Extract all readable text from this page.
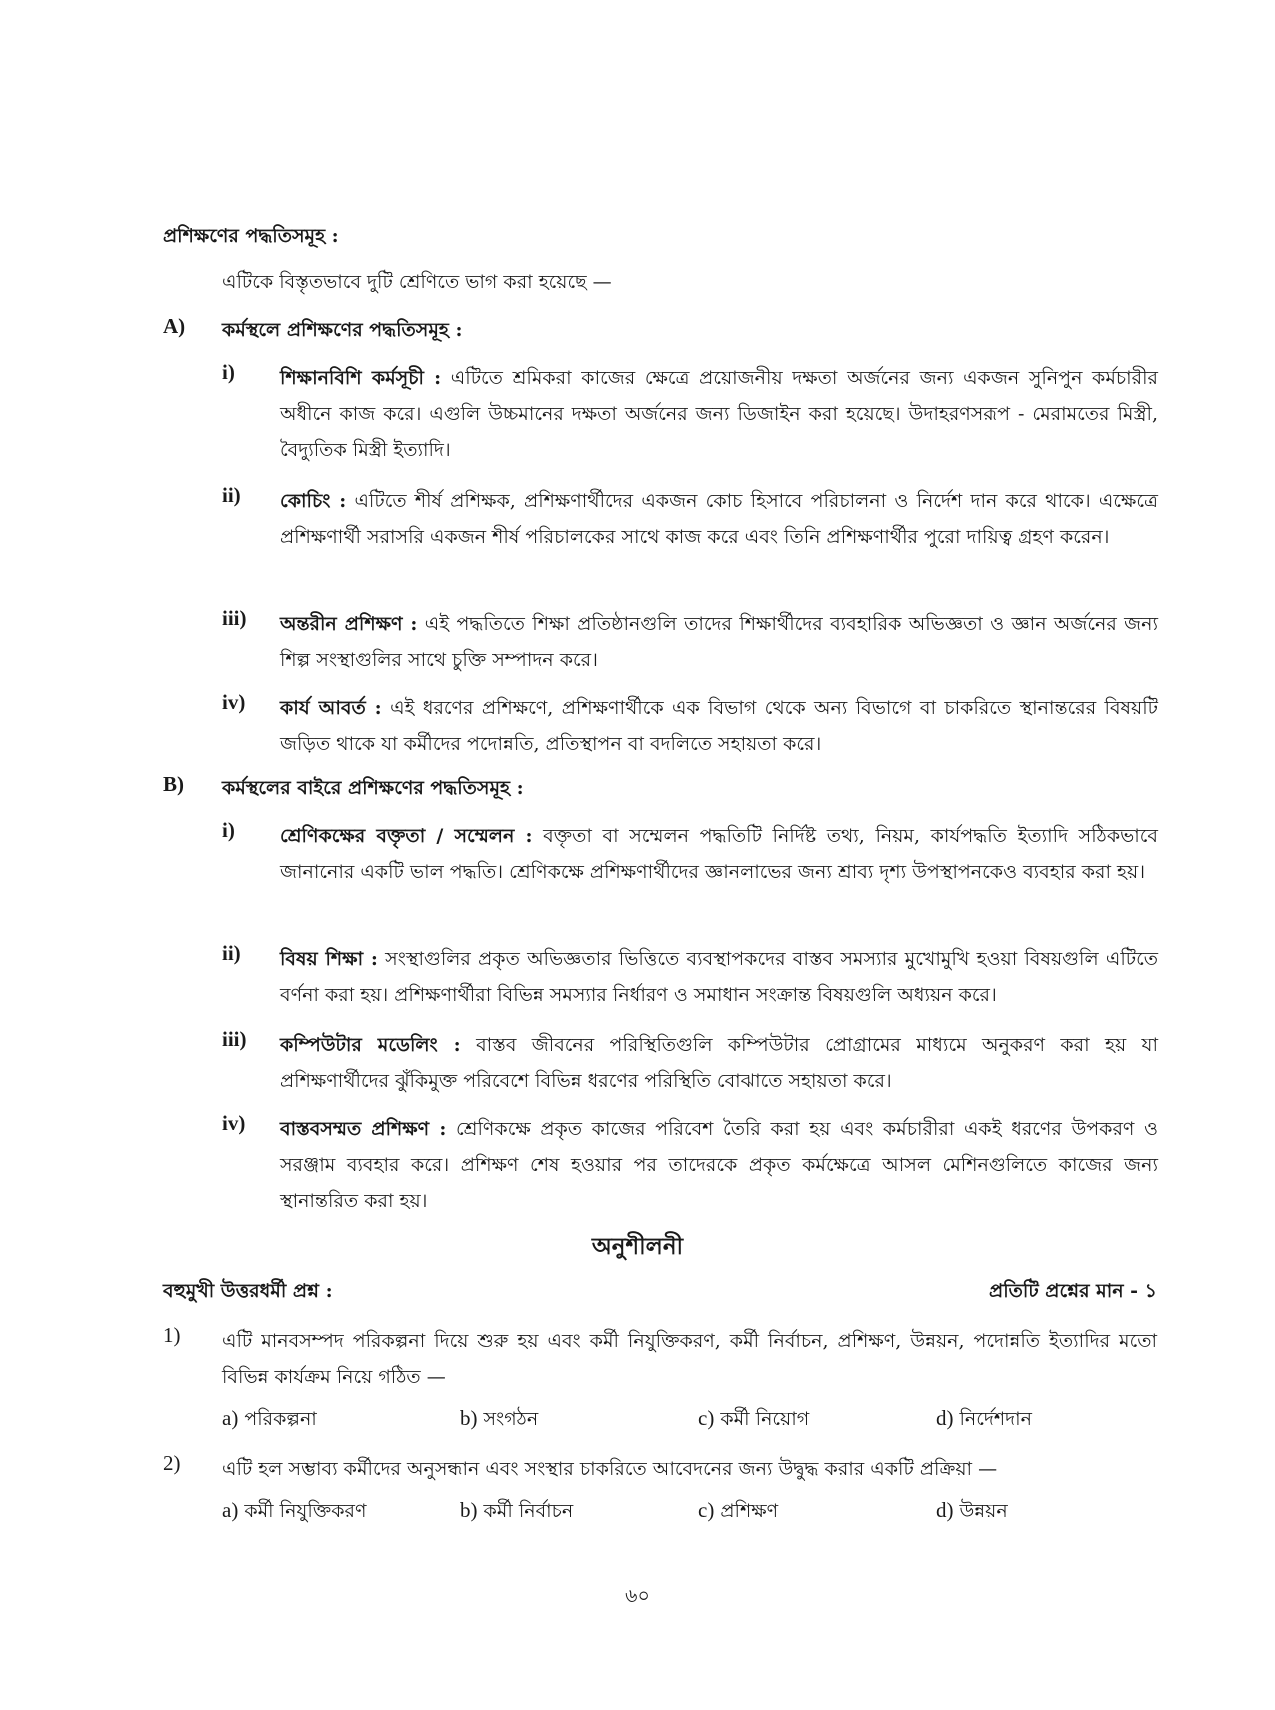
প্রশিক্ষণের পদ্ধতিসমূহ :
এটিকে বিস্তৃতভাবে দুটি শ্রেণিতে ভাগ করা হয়েছে —
A) কর্মস্থলে প্রশিক্ষণের পদ্ধতিসমূহ :
i) শিক্ষানবিশি কর্মসূচী : এটিতে শ্রমিকরা কাজের ক্ষেত্রে প্রয়োজনীয় দক্ষতা অর্জনের জন্য একজন সুনিপুন কর্মচারীর অধীনে কাজ করে। এগুলি উচ্চমানের দক্ষতা অর্জনের জন্য ডিজাইন করা হয়েছে। উদাহরণসরূপ - মেরামতের মিস্ত্রী, বৈদ্যুতিক মিস্ত্রী ইত্যাদি।
ii) কোচিং : এটিতে শীর্ষ প্রশিক্ষক, প্রশিক্ষণার্থীদের একজন কোচ হিসাবে পরিচালনা ও নির্দেশ দান করে থাকে। এক্ষেত্রে প্রশিক্ষণার্থী সরাসরি একজন শীর্ষ পরিচালকের সাথে কাজ করে এবং তিনি প্রশিক্ষণার্থীর পুরো দায়িত্ব গ্রহণ করেন।
iii) অন্তরীন প্রশিক্ষণ : এই পদ্ধতিতে শিক্ষা প্রতিষ্ঠানগুলি তাদের শিক্ষার্থীদের ব্যবহারিক অভিজ্ঞতা ও জ্ঞান অর্জনের জন্য শিল্প সংস্থাগুলির সাথে চুক্তি সম্পাদন করে।
iv) কার্য আবর্ত : এই ধরণের প্রশিক্ষণে, প্রশিক্ষণার্থীকে এক বিভাগ থেকে অন্য বিভাগে বা চাকরিতে স্থানান্তরের বিষয়টি জড়িত থাকে যা কর্মীদের পদোন্নতি, প্রতিস্থাপন বা বদলিতে সহায়তা করে।
B) কর্মস্থলের বাইরে প্রশিক্ষণের পদ্ধতিসমূহ :
i) শ্রেণিকক্ষের বক্তৃতা / সম্মেলন : বক্তৃতা বা সম্মেলন পদ্ধতিটি নির্দিষ্ট তথ্য, নিয়ম, কার্যপদ্ধতি ইত্যাদি সঠিকভাবে জানানোর একটি ভাল পদ্ধতি। শ্রেণিকক্ষে প্রশিক্ষণার্থীদের জ্ঞানলাভের জন্য শ্রাব্য দৃশ্য উপস্থাপনকেও ব্যবহার করা হয়।
ii) বিষয় শিক্ষা : সংস্থাগুলির প্রকৃত অভিজ্ঞতার ভিত্তিতে ব্যবস্থাপকদের বাস্তব সমস্যার মুখোমুখি হওয়া বিষয়গুলি এটিতে বর্ণনা করা হয়। প্রশিক্ষণার্থীরা বিভিন্ন সমস্যার নির্ধারণ ও সমাধান সংক্রান্ত বিষয়গুলি অধ্যয়ন করে।
iii) কম্পিউটার মডেলিং : বাস্তব জীবনের পরিস্থিতিগুলি কম্পিউটার প্রোগ্রামের মাধ্যমে অনুকরণ করা হয় যা প্রশিক্ষণার্থীদের ঝুঁকিমুক্ত পরিবেশে বিভিন্ন ধরণের পরিস্থিতি বোঝাতে সহায়তা করে।
iv) বাস্তবসম্মত প্রশিক্ষণ : শ্রেণিকক্ষে প্রকৃত কাজের পরিবেশ তৈরি করা হয় এবং কর্মচারীরা একই ধরণের উপকরণ ও সরঞ্জাম ব্যবহার করে। প্রশিক্ষণ শেষ হওয়ার পর তাদেরকে প্রকৃত কর্মক্ষেত্রে আসল মেশিনগুলিতে কাজের জন্য স্থানান্তরিত করা হয়।
অনুশীলনী
বহুমুখী উত্তরধর্মী প্রশ্ন :	প্রতিটি প্রশ্নের মান - ১
1) এটি মানবসম্পদ পরিকল্পনা দিয়ে শুরু হয় এবং কর্মী নিযুক্তিকরণ, কর্মী নির্বাচন, প্রশিক্ষণ, উন্নয়ন, পদোন্নতি ইত্যাদির মতো বিভিন্ন কার্যক্রম নিয়ে গঠিত —
a) পরিকল্পনা	b) সংগঠন	c) কর্মী নিয়োগ	d) নির্দেশদান
2) এটি হল সম্ভাব্য কর্মীদের অনুসন্ধান এবং সংস্থার চাকরিতে আবেদনের জন্য উদ্বুদ্ধ করার একটি প্রক্রিয়া —
a) কর্মী নিযুক্তিকরণ	b) কর্মী নির্বাচন	c) প্রশিক্ষণ	d) উন্নয়ন
৬০
